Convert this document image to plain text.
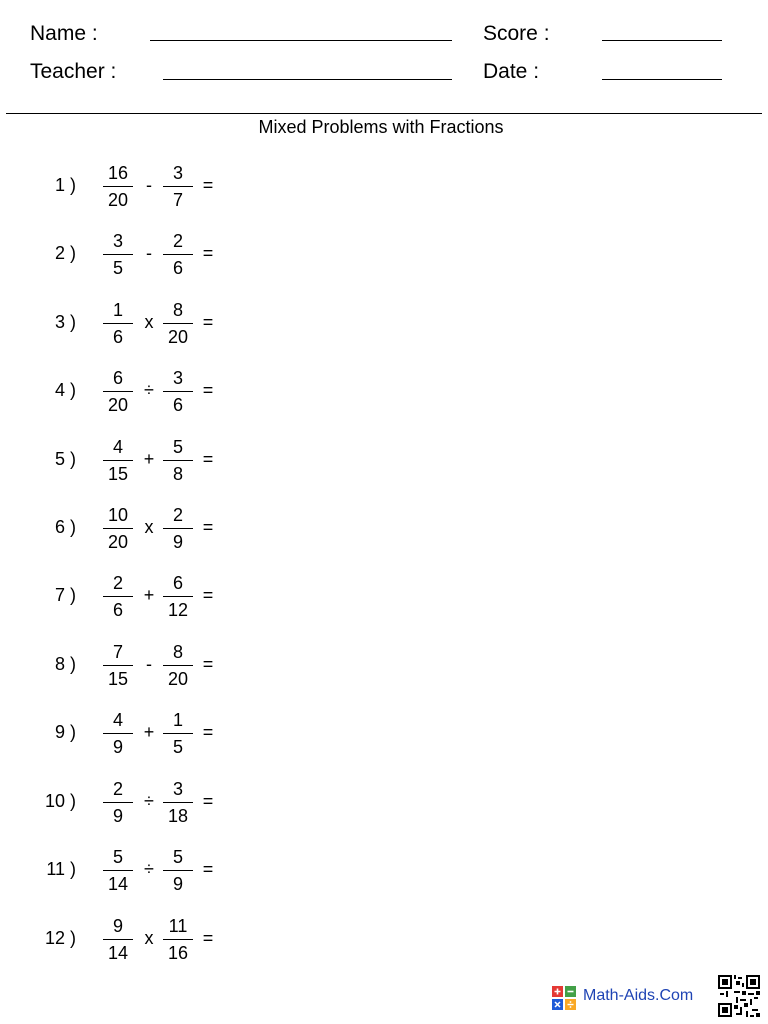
Name :	Score :
Teacher :	Date :
Mixed Problems with Fractions
1 )
16
20
-
3
7
=
2 )
3
5
-
2
6
=
3 )
1
6
x
8
20
=
4 )
6
20
÷
3
6
=
5 )
4
15
+
5
8
=
6 )
10
20
x
2
9
=
7 )
2
6
+
6
12
=
8 )
7
15
-
8
20
=
9 )
4
9
+
1
5
=
10 )
2
9
÷
3
18
=
11 )
5
14
÷
5
9
=
12 )
9
14
x
11
16
=
Math-Aids.Com
